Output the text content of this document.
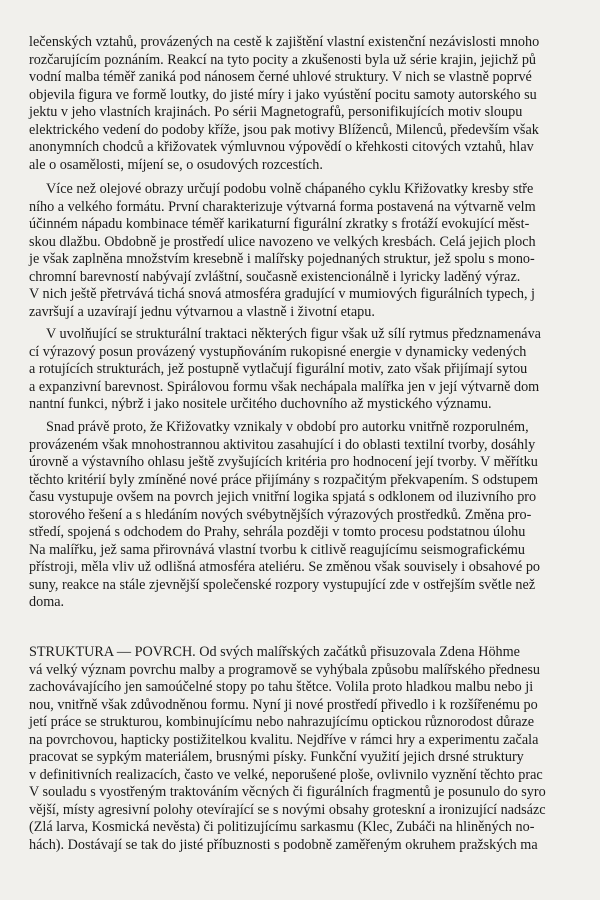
lečenských vztahů, provázených na cestě k zajištění vlastní existenční nezávislosti mnoho
rozčarujícím poznáním. Reakcí na tyto pocity a zkušenosti byla už série krajin, jejichž pů
vodní malba téměř zaniká pod nánosem černé uhlové struktury. V nich se vlastně poprvé
objevila figura ve formě loutky, do jisté míry i jako vyústění pocitu samoty autorského su
jektu v jeho vlastních krajinách. Po sérii Magnetografů, personifikujících motiv sloupu
elektrického vedení do podoby kříže, jsou pak motivy Blíženců, Milenců, především však
anonymních chodců a křižovatek výmluvnou výpovědí o křehkosti citových vztahů, hlav
ale o osamělosti, míjení se, o osudových rozcestích.
Více než olejové obrazy určují podobu volně chápaného cyklu Křižovatky kresby stře
ního a velkého formátu. První charakterizuje výtvarná forma postavená na výtvarně velm
účinném nápadu kombinace téměř karikaturní figurální zkratky s frotáží evokující měst-
skou dlažbu. Obdobně je prostředí ulice navozeno ve velkých kresbách. Celá jejich ploch
je však zaplněna množstvím kresebně i malířsky pojednaných struktur, jež spolu s mono-
chromní barevností nabývají zvláštní, současně existencionálně i lyricky laděný výraz.
V nich ještě přetrvává tichá snová atmosféra gradující v mumiových figurálních typech, j
završují a uzavírají jednu výtvarnou a vlastně i životní etapu.
V uvolňující se strukturální traktaci některých figur však už sílí rytmus předznamenáva
cí výrazový posun provázený vystupňováním rukopisné energie v dynamicky vedených
a rotujících strukturách, jež postupně vytlačují figurální motiv, zato však přijímají sytou
a expanzivní barevnost. Spirálovou formu však nechápala malířka jen v její výtvarně dom
nantní funkci, nýbrž i jako nositele určitého duchovního až mystického významu.
Snad právě proto, že Křižovatky vznikaly v období pro autorku vnitřně rozporulném,
provázeném však mnohostrannou aktivitou zasahující i do oblasti textilní tvorby, dosáhly
úrovně a výstavního ohlasu ještě zvyšujících kritéria pro hodnocení její tvorby. V měřítku
těchto kritérií byly zmíněné nové práce přijímány s rozpačitým překvapením. S odstupem
času vystupuje ovšem na povrch jejich vnitřní logika spjatá s odklonem od iluzivního pro
storového řešení a s hledáním nových svébytnějších výrazových prostředků. Změna pro-
středí, spojená s odchodem do Prahy, sehrála později v tomto procesu podstatnou úlohu
Na malířku, jež sama přirovnává vlastní tvorbu k citlivě reagujícímu seismografickému
přístroji, měla vliv už odlišná atmosféra ateliéru. Se změnou však souvisely i obsahové po
suny, reakce na stále zjevnější společenské rozpory vystupující zde v ostřejším světle než
doma.
STRUKTURA — POVRCH. Od svých malířských začátků přisuzovala Zdena Höhme
vá velký význam povrchu malby a programově se vyhýbala způsobu malířského přednesu
zachovávajícího jen samoúčelné stopy po tahu štětce. Volila proto hladkou malbu nebo ji
nou, vnitřně však zdůvodněnou formu. Nyní ji nové prostředí přivedlo i k rozšířenému po
jetí práce se strukturou, kombinujícímu nebo nahrazujícímu optickou různorodost důraze
na povrchovou, hapticky postižitelkou kvalitu. Nejdříve v rámci hry a experimentu začala
pracovat se sypkým materiálem, brusnými písky. Funkční využití jejich drsné struktury
v definitivních realizacích, často ve velké, neporušené ploše, ovlivnilo vyznění těchto prac
V souladu s vyostřeným traktováním věcných či figurálních fragmentů je posunulo do syro
vější, místy agresivní polohy otevírající se s novými obsahy groteskní a ironizující nadsázc
(Zlá larva, Kosmická nevěsta) či politizujícímu sarkasmu (Klec, Zubáči na hliněných no-
hách). Dostávají se tak do jisté příbuznosti s podobně zaměřeným okruhem pražských ma
